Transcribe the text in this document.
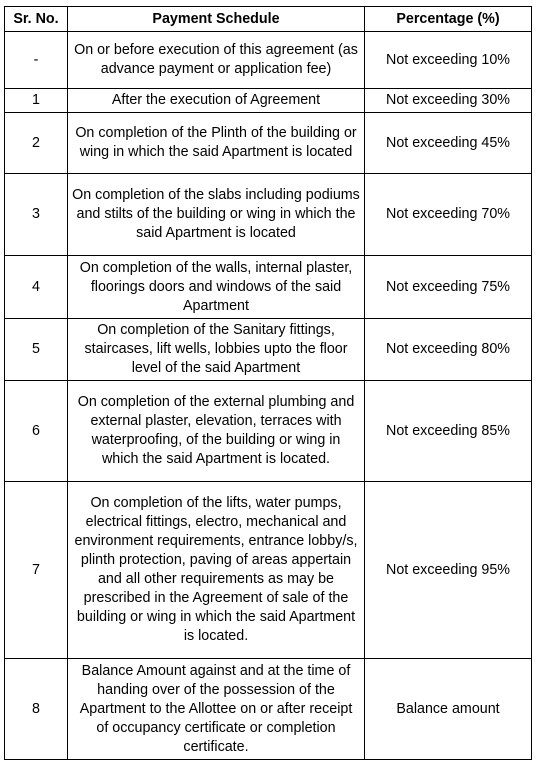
Sr. No.	Payment Schedule	Percentage (%)
-	On or before execution of this agreement (as advance payment or application fee)	Not exceeding 10%
1	After the execution of Agreement	Not exceeding 30%
2	On completion of the Plinth of the building or wing in which the said Apartment is located	Not exceeding 45%
3	On completion of the slabs including podiums and stilts of the building or wing in which the said Apartment is located	Not exceeding 70%
4	On completion of the walls, internal plaster, floorings doors and windows of the said Apartment	Not exceeding 75%
5	On completion of the Sanitary fittings, staircases, lift wells, lobbies upto the floor level of the said Apartment	Not exceeding 80%
6	On completion of the external plumbing and external plaster, elevation, terraces with waterproofing, of the building or wing in which the said Apartment is located.	Not exceeding 85%
7	On completion of the lifts, water pumps, electrical fittings, electro, mechanical and environment requirements, entrance lobby/s, plinth protection, paving of areas appertain and all other requirements as may be prescribed in the Agreement of sale of the building or wing in which the said Apartment is located.	Not exceeding 95%
8	Balance Amount against and at the time of handing over of the possession of the Apartment to the Allottee on or after receipt of occupancy certificate or completion certificate.	Balance amount
